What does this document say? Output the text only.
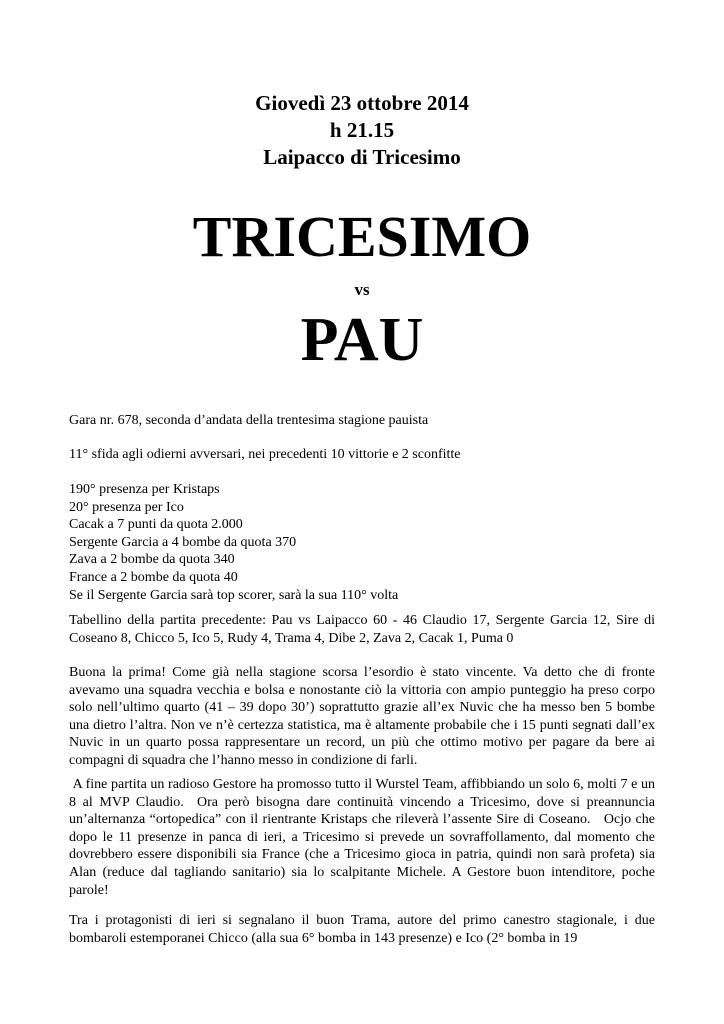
Giovedì 23 ottobre 2014
h 21.15
Laipacco di Tricesimo
TRICESIMO
vs
PAU

Gara nr. 678, seconda d’andata della trentesima stagione pauista

11° sfida agli odierni avversari, nei precedenti 10 vittorie e 2 sconfitte

190° presenza per Kristaps
20° presenza per Ico
Cacak a 7 punti da quota 2.000
Sergente Garcia a 4 bombe da quota 370
Zava a 2 bombe da quota 340
France a 2 bombe da quota 40
Se il Sergente Garcia sarà top scorer, sarà la sua 110° volta

Tabellino della partita precedente: Pau vs Laipacco 60 - 46 Claudio 17, Sergente Garcia 12, Sire di Coseano 8, Chicco 5, Ico 5, Rudy 4, Trama 4, Dibe 2, Zava 2, Cacak 1, Puma 0

Buona la prima! Come già nella stagione scorsa l’esordio è stato vincente. Va detto che di fronte avevamo una squadra vecchia e bolsa e nonostante ciò la vittoria con ampio punteggio ha preso corpo solo nell’ultimo quarto (41 – 39 dopo 30’) soprattutto grazie all’ex Nuvic che ha messo ben 5 bombe una dietro l’altra. Non ve n’è certezza statistica, ma è altamente probabile che i 15 punti segnati dall’ex Nuvic in un quarto possa rappresentare un record, un più che ottimo motivo per pagare da bere ai compagni di squadra che l’hanno messo in condizione di farli.

A fine partita un radioso Gestore ha promosso tutto il Wurstel Team, affibbiando un solo 6, molti 7 e un 8 al MVP Claudio.  Ora però bisogna dare continuità vincendo a Tricesimo, dove si preannuncia un’alternanza “ortopedica” con il rientrante Kristaps che rileverà l’assente Sire di Coseano.   Ocjo che dopo le 11 presenze in panca di ieri, a Tricesimo si prevede un sovraffollamento, dal momento che dovrebbero essere disponibili sia France (che a Tricesimo gioca in patria, quindi non sarà profeta) sia Alan (reduce dal tagliando sanitario) sia lo scalpitante Michele. A Gestore buon intenditore, poche parole!

Tra i protagonisti di ieri si segnalano il buon Trama, autore del primo canestro stagionale, i due bombaroli estemporanei Chicco (alla sua 6° bomba in 143 presenze) e Ico (2° bomba in 19
